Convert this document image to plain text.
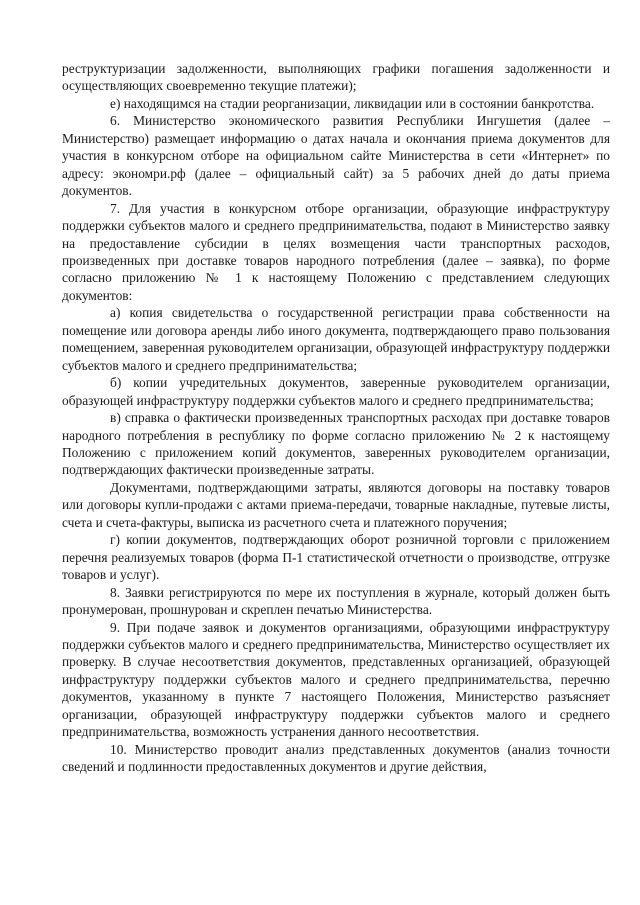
реструктуризации задолженности, выполняющих графики погашения задолженности и осуществляющих своевременно текущие платежи);

е) находящимся на стадии реорганизации, ликвидации или в состоянии банкротства.

6. Министерство экономического развития Республики Ингушетия (далее – Министерство) размещает информацию о датах начала и окончания приема документов для участия в конкурсном отборе на официальном сайте Министерства в сети «Интернет» по адресу: экономри.рф (далее – официальный сайт) за 5 рабочих дней до даты приема документов.

7. Для участия в конкурсном отборе организации, образующие инфраструктуру поддержки субъектов малого и среднего предпринимательства, подают в Министерство заявку на предоставление субсидии в целях возмещения части транспортных расходов, произведенных при доставке товаров народного потребления (далее – заявка), по форме согласно приложению № 1 к настоящему Положению с представлением следующих документов:

а) копия свидетельства о государственной регистрации права собственности на помещение или договора аренды либо иного документа, подтверждающего право пользования помещением, заверенная руководителем организации, образующей инфраструктуру поддержки субъектов малого и среднего предпринимательства;

б) копии учредительных документов, заверенные руководителем организации, образующей инфраструктуру поддержки субъектов малого и среднего предпринимательства;

в) справка о фактически произведенных транспортных расходах при доставке товаров народного потребления в республику по форме согласно приложению № 2 к настоящему Положению с приложением копий документов, заверенных руководителем организации, подтверждающих фактически произведенные затраты.

Документами, подтверждающими затраты, являются договоры на поставку товаров или договоры купли-продажи с актами приема-передачи, товарные накладные, путевые листы, счета и счета-фактуры, выписка из расчетного счета и платежного поручения;

г) копии документов, подтверждающих оборот розничной торговли с приложением перечня реализуемых товаров (форма П-1 статистической отчетности о производстве, отгрузке товаров и услуг).

8. Заявки регистрируются по мере их поступления в журнале, который должен быть пронумерован, прошнурован и скреплен печатью Министерства.

9. При подаче заявок и документов организациями, образующими инфраструктуру поддержки субъектов малого и среднего предпринимательства, Министерство осуществляет их проверку. В случае несоответствия документов, представленных организацией, образующей инфраструктуру поддержки субъектов малого и среднего предпринимательства, перечню документов, указанному в пункте 7 настоящего Положения, Министерство разъясняет организации, образующей инфраструктуру поддержки субъектов малого и среднего предпринимательства, возможность устранения данного несоответствия.

10. Министерство проводит анализ представленных документов (анализ точности сведений и подлинности предоставленных документов и другие действия,
